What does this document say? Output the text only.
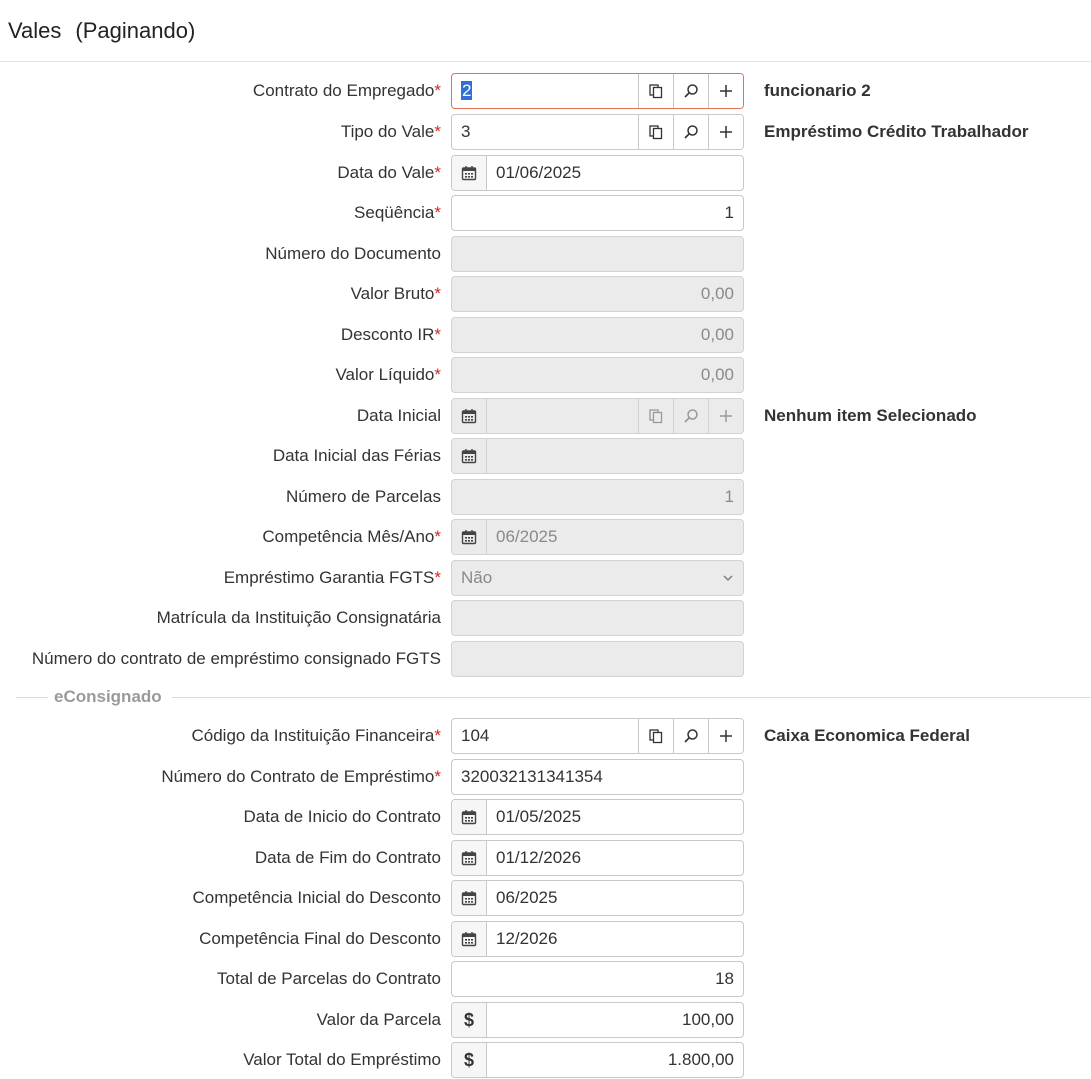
Vales (Paginando)
Contrato do Empregado*	2	funcionario 2
Tipo do Vale*	3	Empréstimo Crédito Trabalhador
Data do Vale*	01/06/2025
Seqüência*	1
Número do Documento
Valor Bruto*	0,00
Desconto IR*	0,00
Valor Líquido*	0,00
Data Inicial	Nenhum item Selecionado
Data Inicial das Férias
Número de Parcelas	1
Competência Mês/Ano*	06/2025
Empréstimo Garantia FGTS*	Não
Matrícula da Instituição Consignatária
Número do contrato de empréstimo consignado FGTS
eConsignado
Código da Instituição Financeira*	104	Caixa Economica Federal
Número do Contrato de Empréstimo*	320032131341354
Data de Inicio do Contrato	01/05/2025
Data de Fim do Contrato	01/12/2026
Competência Inicial do Desconto	06/2025
Competência Final do Desconto	12/2026
Total de Parcelas do Contrato	18
Valor da Parcela $	100,00
Valor Total do Empréstimo $	1.800,00
